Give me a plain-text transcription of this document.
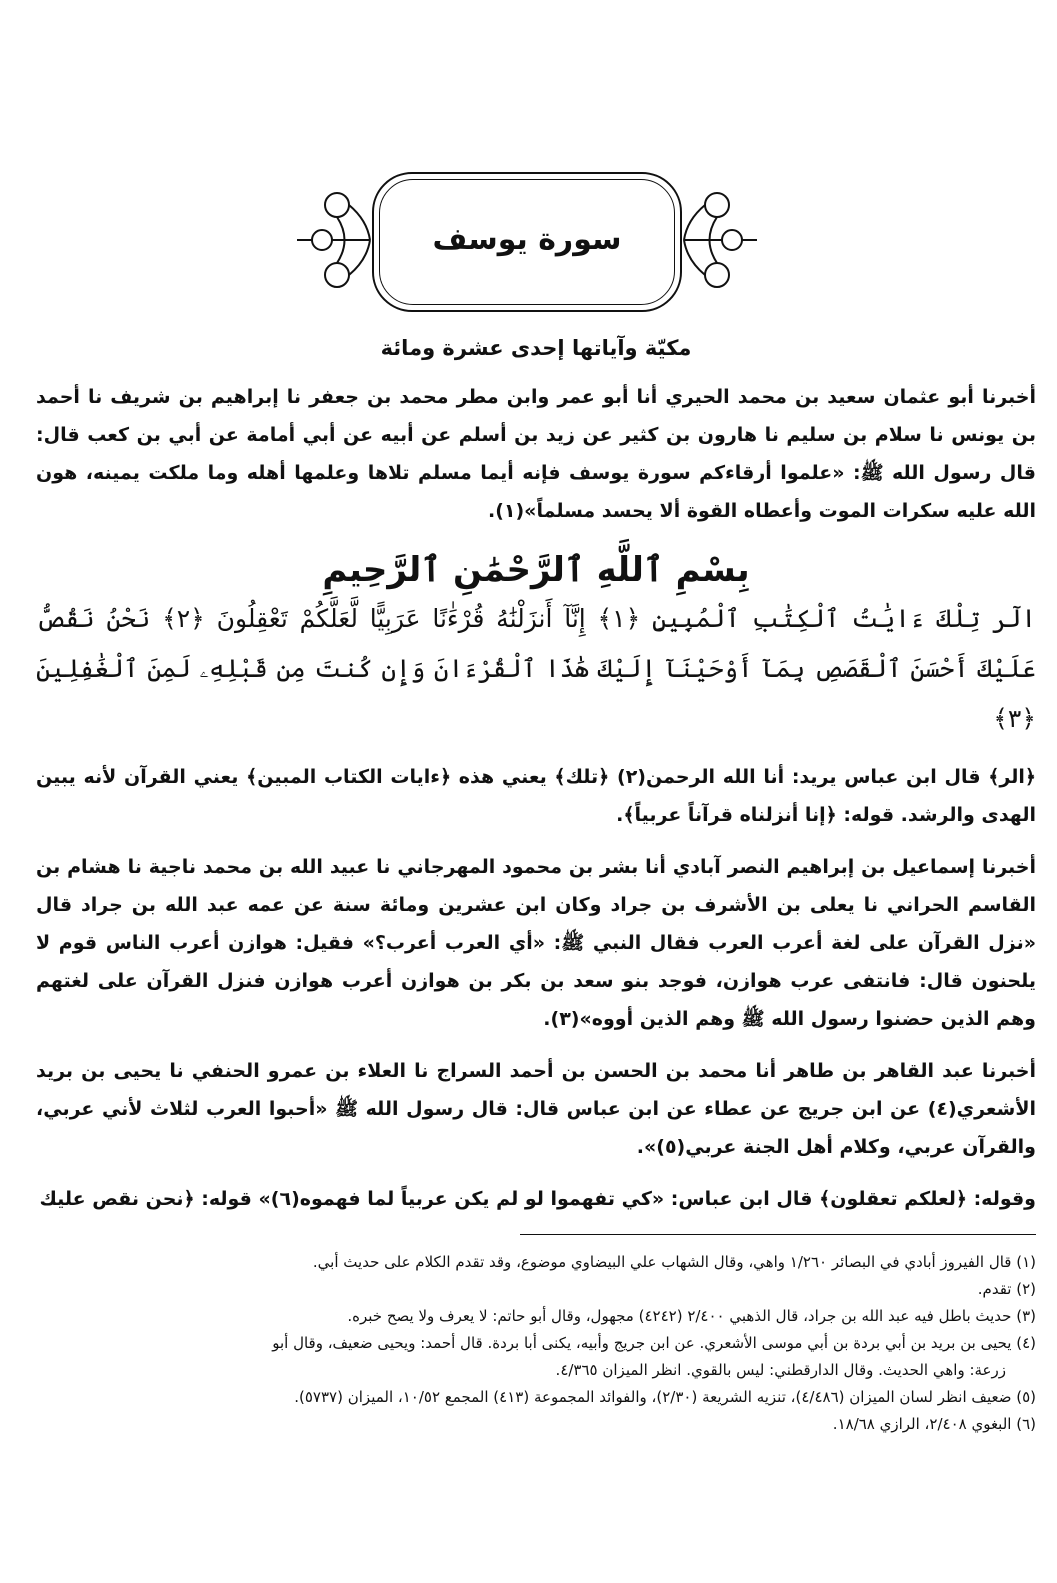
سورة يوسف
مكيّة وآياتها إحدى عشرة ومائة
أخبرنا أبو عثمان سعيد بن محمد الحيري أنا أبو عمر وابن مطر محمد بن جعفر نا إبراهيم بن شريف نا أحمد بن يونس نا سلام بن سليم نا هارون بن كثير عن زيد بن أسلم عن أبيه عن أبي أمامة عن أبي بن كعب قال: قال رسول الله ﷺ: «علموا أرقاءكم سورة يوسف فإنه أيما مسلم تلاها وعلمها أهله وما ملكت يمينه، هون الله عليه سكرات الموت وأعطاه القوة ألا يحسد مسلماً»(١).
بِسْمِ ٱللَّهِ ٱلرَّحْمَٰنِ ٱلرَّحِيمِ
الٓر تِلْكَ ءَايَٰتُ ٱلْكِتَٰبِ ٱلْمُبِينِ ﴿١﴾ إِنَّآ أَنزَلْنَٰهُ قُرْءَٰنًا عَرَبِيًّا لَّعَلَّكُمْ تَعْقِلُونَ ﴿٢﴾ نَحْنُ نَقُصُّ عَلَيْكَ أَحْسَنَ ٱلْقَصَصِ بِمَآ أَوْحَيْنَآ إِلَيْكَ هَٰذَا ٱلْقُرْءَانَ وَإِن كُنتَ مِن قَبْلِهِۦ لَمِنَ ٱلْغَٰفِلِينَ ﴿٣﴾
﴿الر﴾ قال ابن عباس يريد: أنا الله الرحمن(٢) ﴿تلك﴾ يعني هذه ﴿ءايات الكتاب المبين﴾ يعني القرآن لأنه يبين الهدى والرشد. قوله: ﴿إنا أنزلناه قرآناً عربياً﴾.
أخبرنا إسماعيل بن إبراهيم النصر آبادي أنا بشر بن محمود المهرجاني نا عبيد الله بن محمد ناجية نا هشام بن القاسم الحراني نا يعلى بن الأشرف بن جراد وكان ابن عشرين ومائة سنة عن عمه عبد الله بن جراد قال «نزل القرآن على لغة أعرب العرب فقال النبي ﷺ: «أي العرب أعرب؟» فقيل: هوازن أعرب الناس قوم لا يلحنون قال: فانتفى عرب هوازن، فوجد بنو سعد بن بكر بن هوازن أعرب هوازن فنزل القرآن على لغتهم وهم الذين حضنوا رسول الله ﷺ وهم الذين أووه»(٣).
أخبرنا عبد القاهر بن طاهر أنا محمد بن الحسن بن أحمد السراج نا العلاء بن عمرو الحنفي نا يحيى بن بريد الأشعري(٤) عن ابن جريج عن عطاء عن ابن عباس قال: قال رسول الله ﷺ «أحبوا العرب لثلاث لأني عربي، والقرآن عربي، وكلام أهل الجنة عربي(٥)».
وقوله: ﴿لعلكم تعقلون﴾ قال ابن عباس: «كي تفهموا لو لم يكن عربياً لما فهموه(٦)» قوله: ﴿نحن نقص عليك
(١) قال الفيروز أبادي في البصائر ١/٢٦٠ واهي، وقال الشهاب علي البيضاوي موضوع، وقد تقدم الكلام على حديث أبي.
(٢) تقدم.
(٣) حديث باطل فيه عبد الله بن جراد، قال الذهبي ٢/٤٠٠ (٤٢٤٢) مجهول، وقال أبو حاتم: لا يعرف ولا يصح خبره.
(٤) يحيى بن بريد بن أبي بردة بن أبي موسى الأشعري. عن ابن جريج وأبيه، يكنى أبا بردة. قال أحمد: ويحيى ضعيف، وقال أبو
زرعة: واهي الحديث. وقال الدارقطني: ليس بالقوي. انظر الميزان ٤/٣٦٥.
(٥) ضعيف انظر لسان الميزان (٤/٤٨٦)، تنزيه الشريعة (٢/٣٠)، والفوائد المجموعة (٤١٣) المجمع ١٠/٥٢، الميزان (٥٧٣٧).
(٦) البغوي ٢/٤٠٨، الرازي ١٨/٦٨.
